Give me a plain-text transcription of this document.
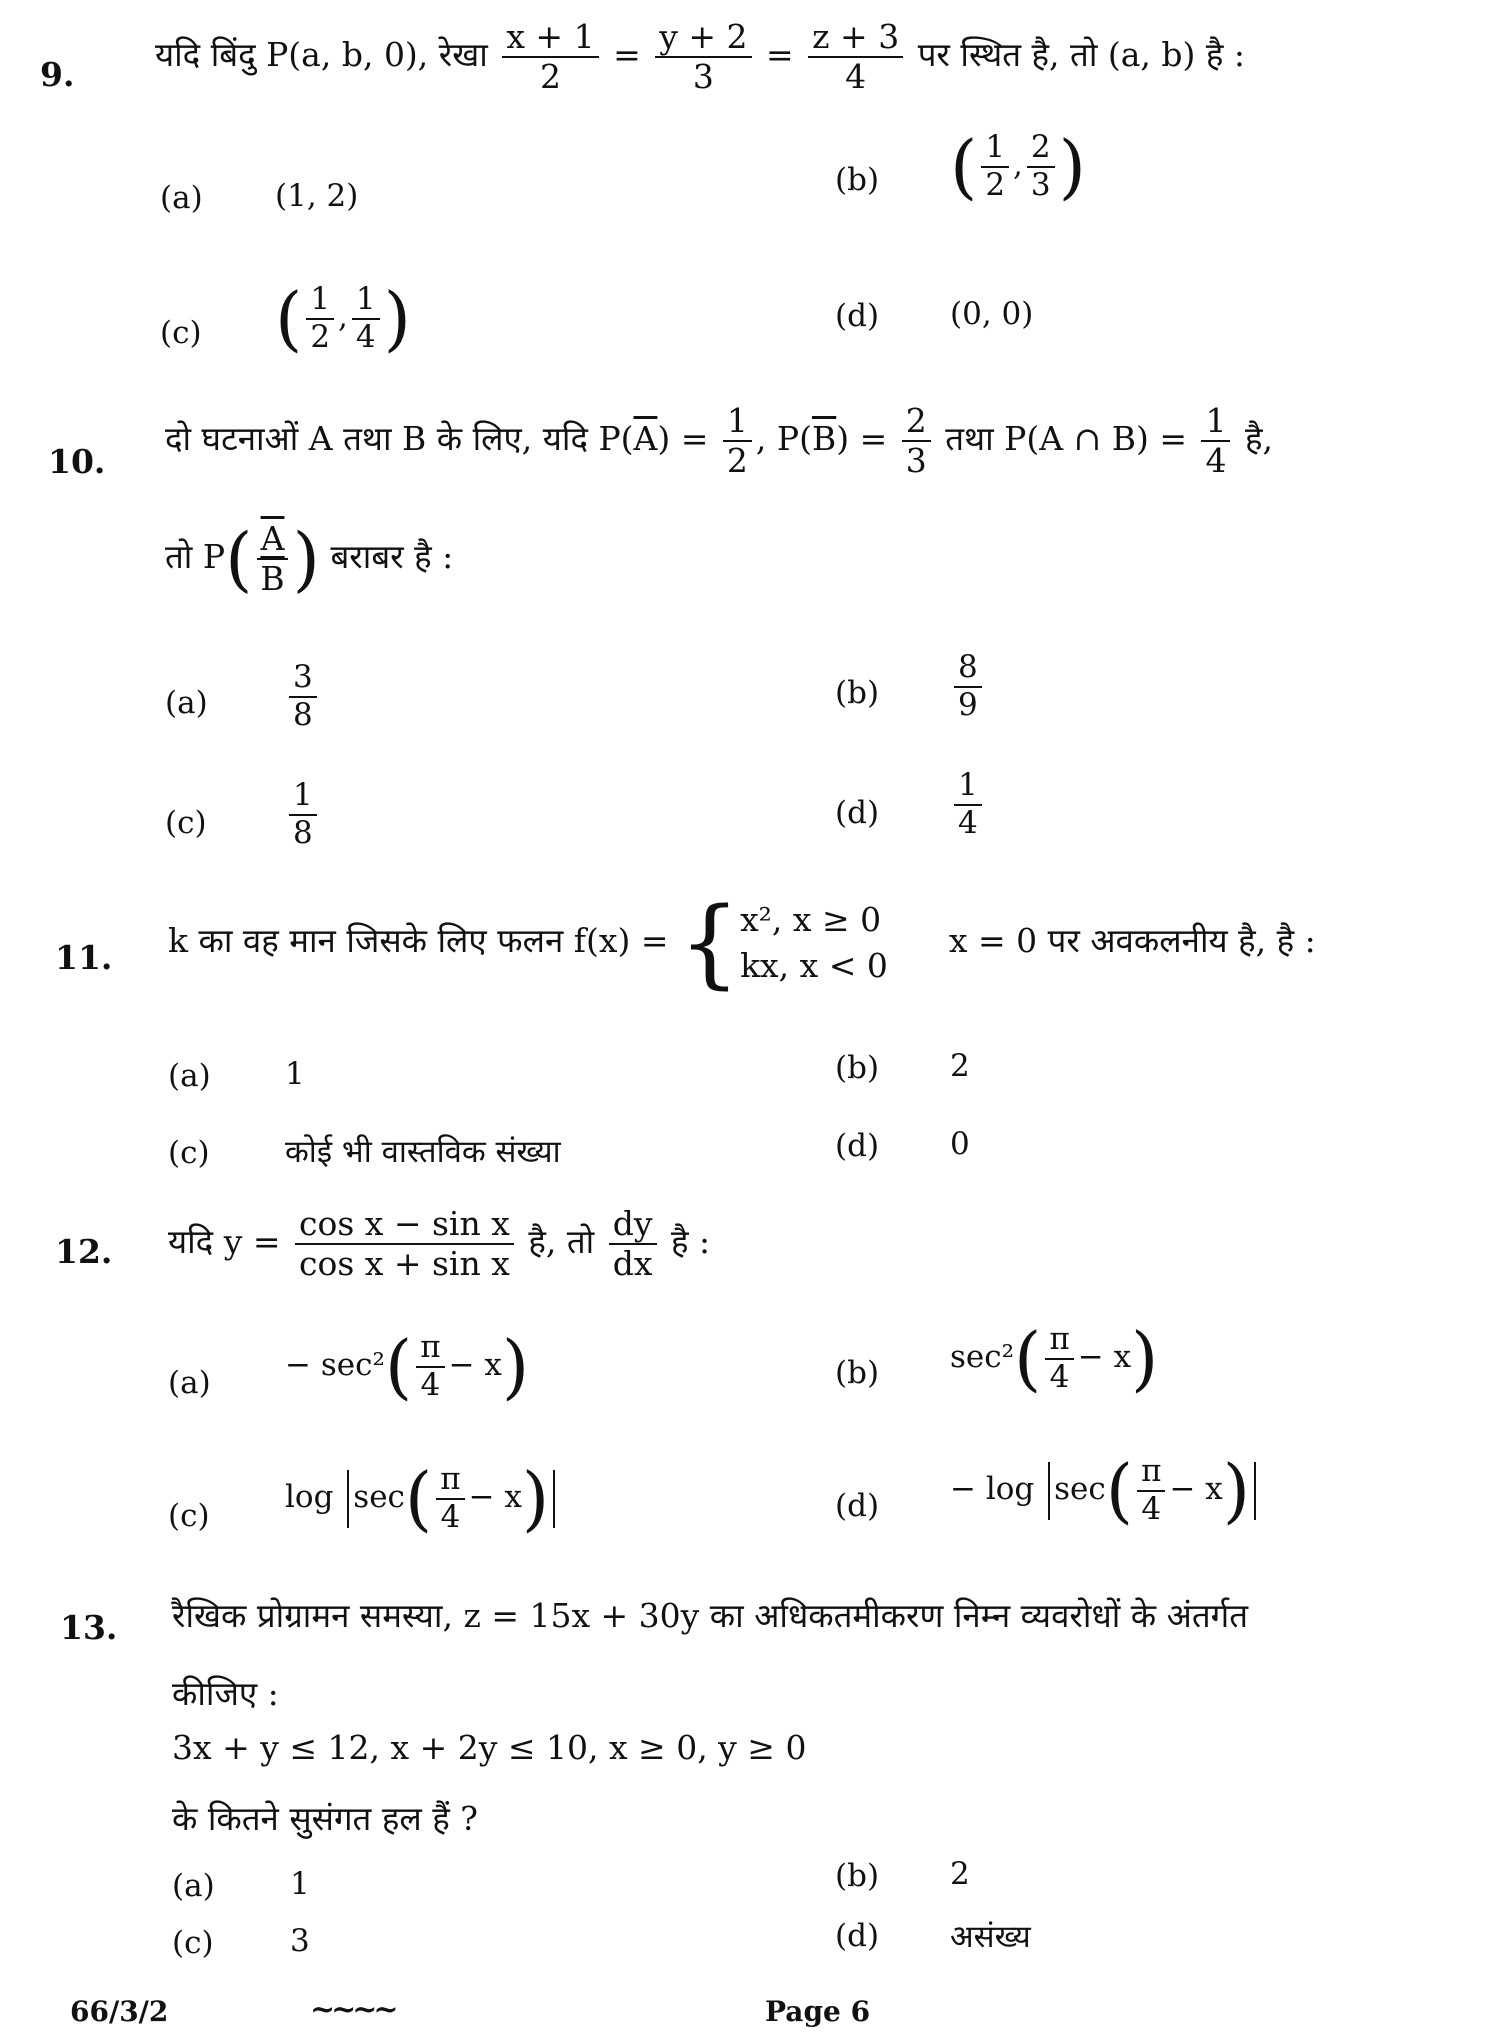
9.
यदि बिंदु P(a, b, 0), रेखा $\frac{x + 1}{2} = \frac{y + 2}{3} = \frac{z + 3}{4}$ पर स्थित है, तो (a, b) है :
(a) (1, 2)	(b) ( $\frac{1}{2}$ , $\frac{2}{3}$ )
(c) ( $\frac{1}{2}$ , $\frac{1}{4}$ )	(d) (0, 0)
10.
दो घटनाओं A तथा B के लिए, यदि $P(\overline{A}) = \frac{1}{2}$ , $P(\overline{B}) = \frac{2}{3}$ तथा P(A ∩ $B) = \frac{1}{4}$ है,
तो $P( \frac{\overline{A}}{B}$ ) बराबर है :
(a)	$\frac{3}{8}$	$(b) \frac{8}{9}$
(c)	$\frac{1}{8}$	$(d) \frac{1}{4}$
11. k का वह मान जिसके लिए फलन f(x) = { x², x ≥ 0
kx, x < 0
x = 0 पर अवकलनीय है, है :
(a) 1	(b) 2
(c) कोई भी वास्तविक संख्या	(d) 0
12. यदि $y = \frac{\text{cos x − sin x}}{\text{cos x + sin x}}$ है, तो $\frac{dy}{dx}$ है :
$(a) - \sec^2( \frac{\pi}{4} - x)$	(b) $\sec^2( \frac{\pi}{4} - x)$
(c)
$\log \sec( \frac{\pi}{4} - x)$	$(d) - \log \sec( \frac{\pi}{4} - x)$
13. रैखिक प्रोग्रामन समस्या, z = 15x + 30y का अधिकतमीकरण निम्न व्यवरोधों के अंतर्गत
कीजिए :
3x + y ≤ 12, x + 2y ≤ 10, x ≥ 0, y ≥ 0
के कितने सुसंगत हल हैं ?
(a) 1	(b) 2
(c) 3	(d) असंख्य
66/3/2	~~~~	Page 6
